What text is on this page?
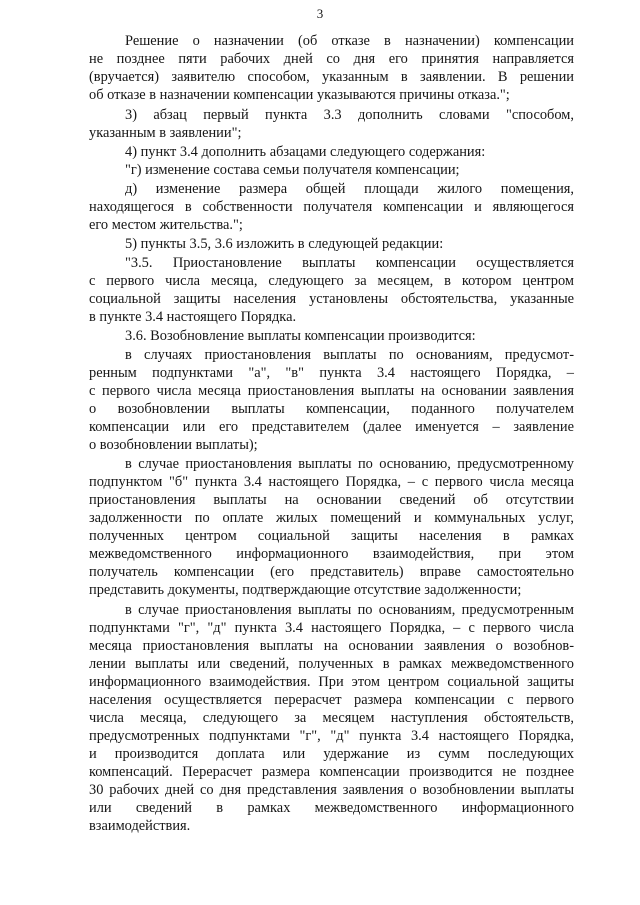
3
Решение о назначении (об отказе в назначении) компенсации
не позднее пяти рабочих дней со дня его принятия направляется
(вручается) заявителю способом, указанным в заявлении. В решении
об отказе в назначении компенсации указываются причины отказа.";
3) абзац первый пункта 3.3 дополнить словами "способом,
указанным в заявлении";
4) пункт 3.4 дополнить абзацами следующего содержания:
"г) изменение состава семьи получателя компенсации;
д) изменение размера общей площади жилого помещения,
находящегося в собственности получателя компенсации и являющегося
его местом жительства.";
5) пункты 3.5, 3.6 изложить в следующей редакции:
"3.5. Приостановление выплаты компенсации осуществляется
с первого числа месяца, следующего за месяцем, в котором центром
социальной защиты населения установлены обстоятельства, указанные
в пункте 3.4 настоящего Порядка.
3.6. Возобновление выплаты компенсации производится:
в случаях приостановления выплаты по основаниям, предусмот-
ренным подпунктами "а", "в" пункта 3.4 настоящего Порядка, –
с первого числа месяца приостановления выплаты на основании заявления
о возобновлении выплаты компенсации, поданного получателем
компенсации или его представителем (далее именуется – заявление
о возобновлении выплаты);
в случае приостановления выплаты по основанию, предусмотренному
подпунктом "б" пункта 3.4 настоящего Порядка, – с первого числа месяца
приостановления выплаты на основании сведений об отсутствии
задолженности по оплате жилых помещений и коммунальных услуг,
полученных центром социальной защиты населения в рамках
межведомственного информационного взаимодействия, при этом
получатель компенсации (его представитель) вправе самостоятельно
представить документы, подтверждающие отсутствие задолженности;
в случае приостановления выплаты по основаниям, предусмотренным
подпунктами "г", "д" пункта 3.4 настоящего Порядка, – с первого числа
месяца приостановления выплаты на основании заявления о возобнов-
лении выплаты или сведений, полученных в рамках межведомственного
информационного взаимодействия. При этом центром социальной защиты
населения осуществляется перерасчет размера компенсации с первого
числа месяца, следующего за месяцем наступления обстоятельств,
предусмотренных подпунктами "г", "д" пункта 3.4 настоящего Порядка,
и производится доплата или удержание из сумм последующих
компенсаций. Перерасчет размера компенсации производится не позднее
30 рабочих дней со дня представления заявления о возобновлении выплаты
или сведений в рамках межведомственного информационного
взаимодействия.
